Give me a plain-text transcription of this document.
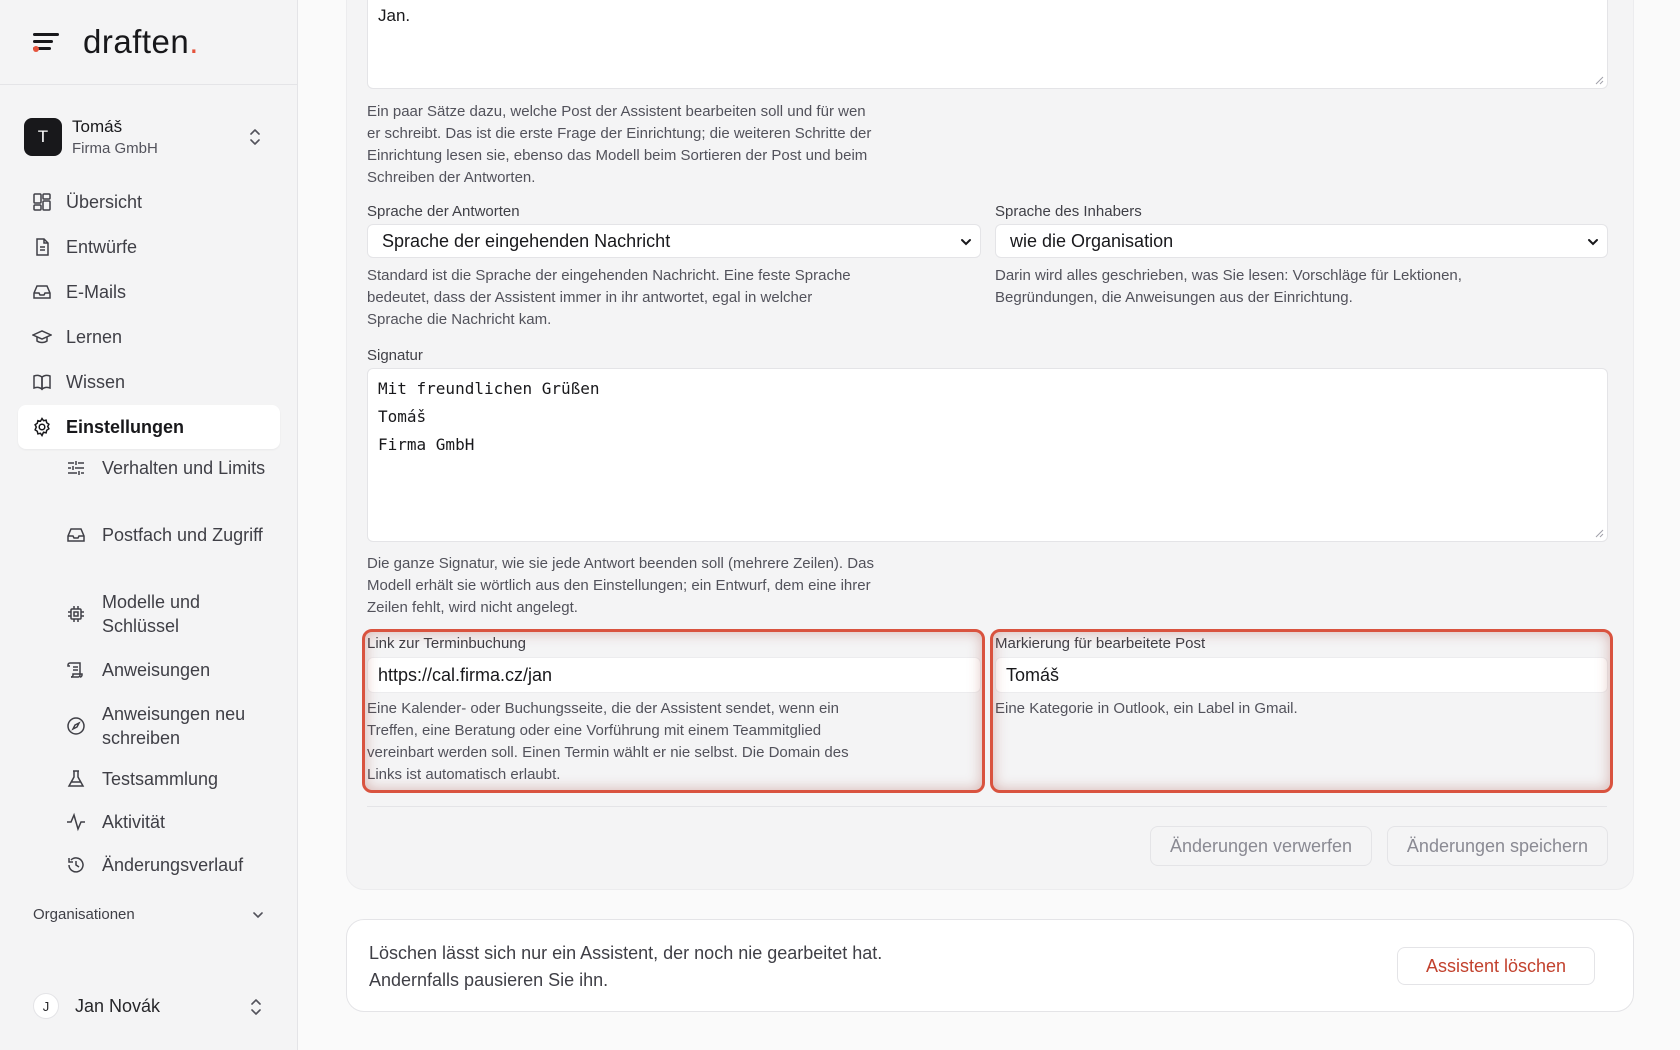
draften.
T
Tomáš
Firma GmbH
Übersicht
Entwürfe
E-Mails
Lernen
Wissen
Einstellungen
Verhalten und Limits
Postfach und Zugriff
Modelle und Schlüssel
Anweisungen
Anweisungen neu schreiben
Testsammlung
Aktivität
Änderungsverlauf
Organisationen
J	Jan Novák
Jan.
Ein paar Sätze dazu, welche Post der Assistent bearbeiten soll und für wen er schreibt. Das ist die erste Frage der Einrichtung; die weiteren Schritte der Einrichtung lesen sie, ebenso das Modell beim Sortieren der Post und beim Schreiben der Antworten.
Sprache der Antworten
Sprache der eingehenden Nachricht
Standard ist die Sprache der eingehenden Nachricht. Eine feste Sprache bedeutet, dass der Assistent immer in ihr antwortet, egal in welcher Sprache die Nachricht kam.
Sprache des Inhabers
wie die Organisation
Darin wird alles geschrieben, was Sie lesen: Vorschläge für Lektionen, Begründungen, die Anweisungen aus der Einrichtung.
Signatur
Mit freundlichen Grüßen
Tomáš
Firma GmbH
Die ganze Signatur, wie sie jede Antwort beenden soll (mehrere Zeilen). Das Modell erhält sie wörtlich aus den Einstellungen; ein Entwurf, dem eine ihrer Zeilen fehlt, wird nicht angelegt.
Link zur Terminbuchung
https://cal.firma.cz/jan
Eine Kalender- oder Buchungsseite, die der Assistent sendet, wenn ein Treffen, eine Beratung oder eine Vorführung mit einem Teammitglied vereinbart werden soll. Einen Termin wählt er nie selbst. Die Domain des Links ist automatisch erlaubt.
Markierung für bearbeitete Post
Tomáš
Eine Kategorie in Outlook, ein Label in Gmail.
Änderungen verwerfen	Änderungen speichern
Löschen lässt sich nur ein Assistent, der noch nie gearbeitet hat.
Andernfalls pausieren Sie ihn.
Assistent löschen
